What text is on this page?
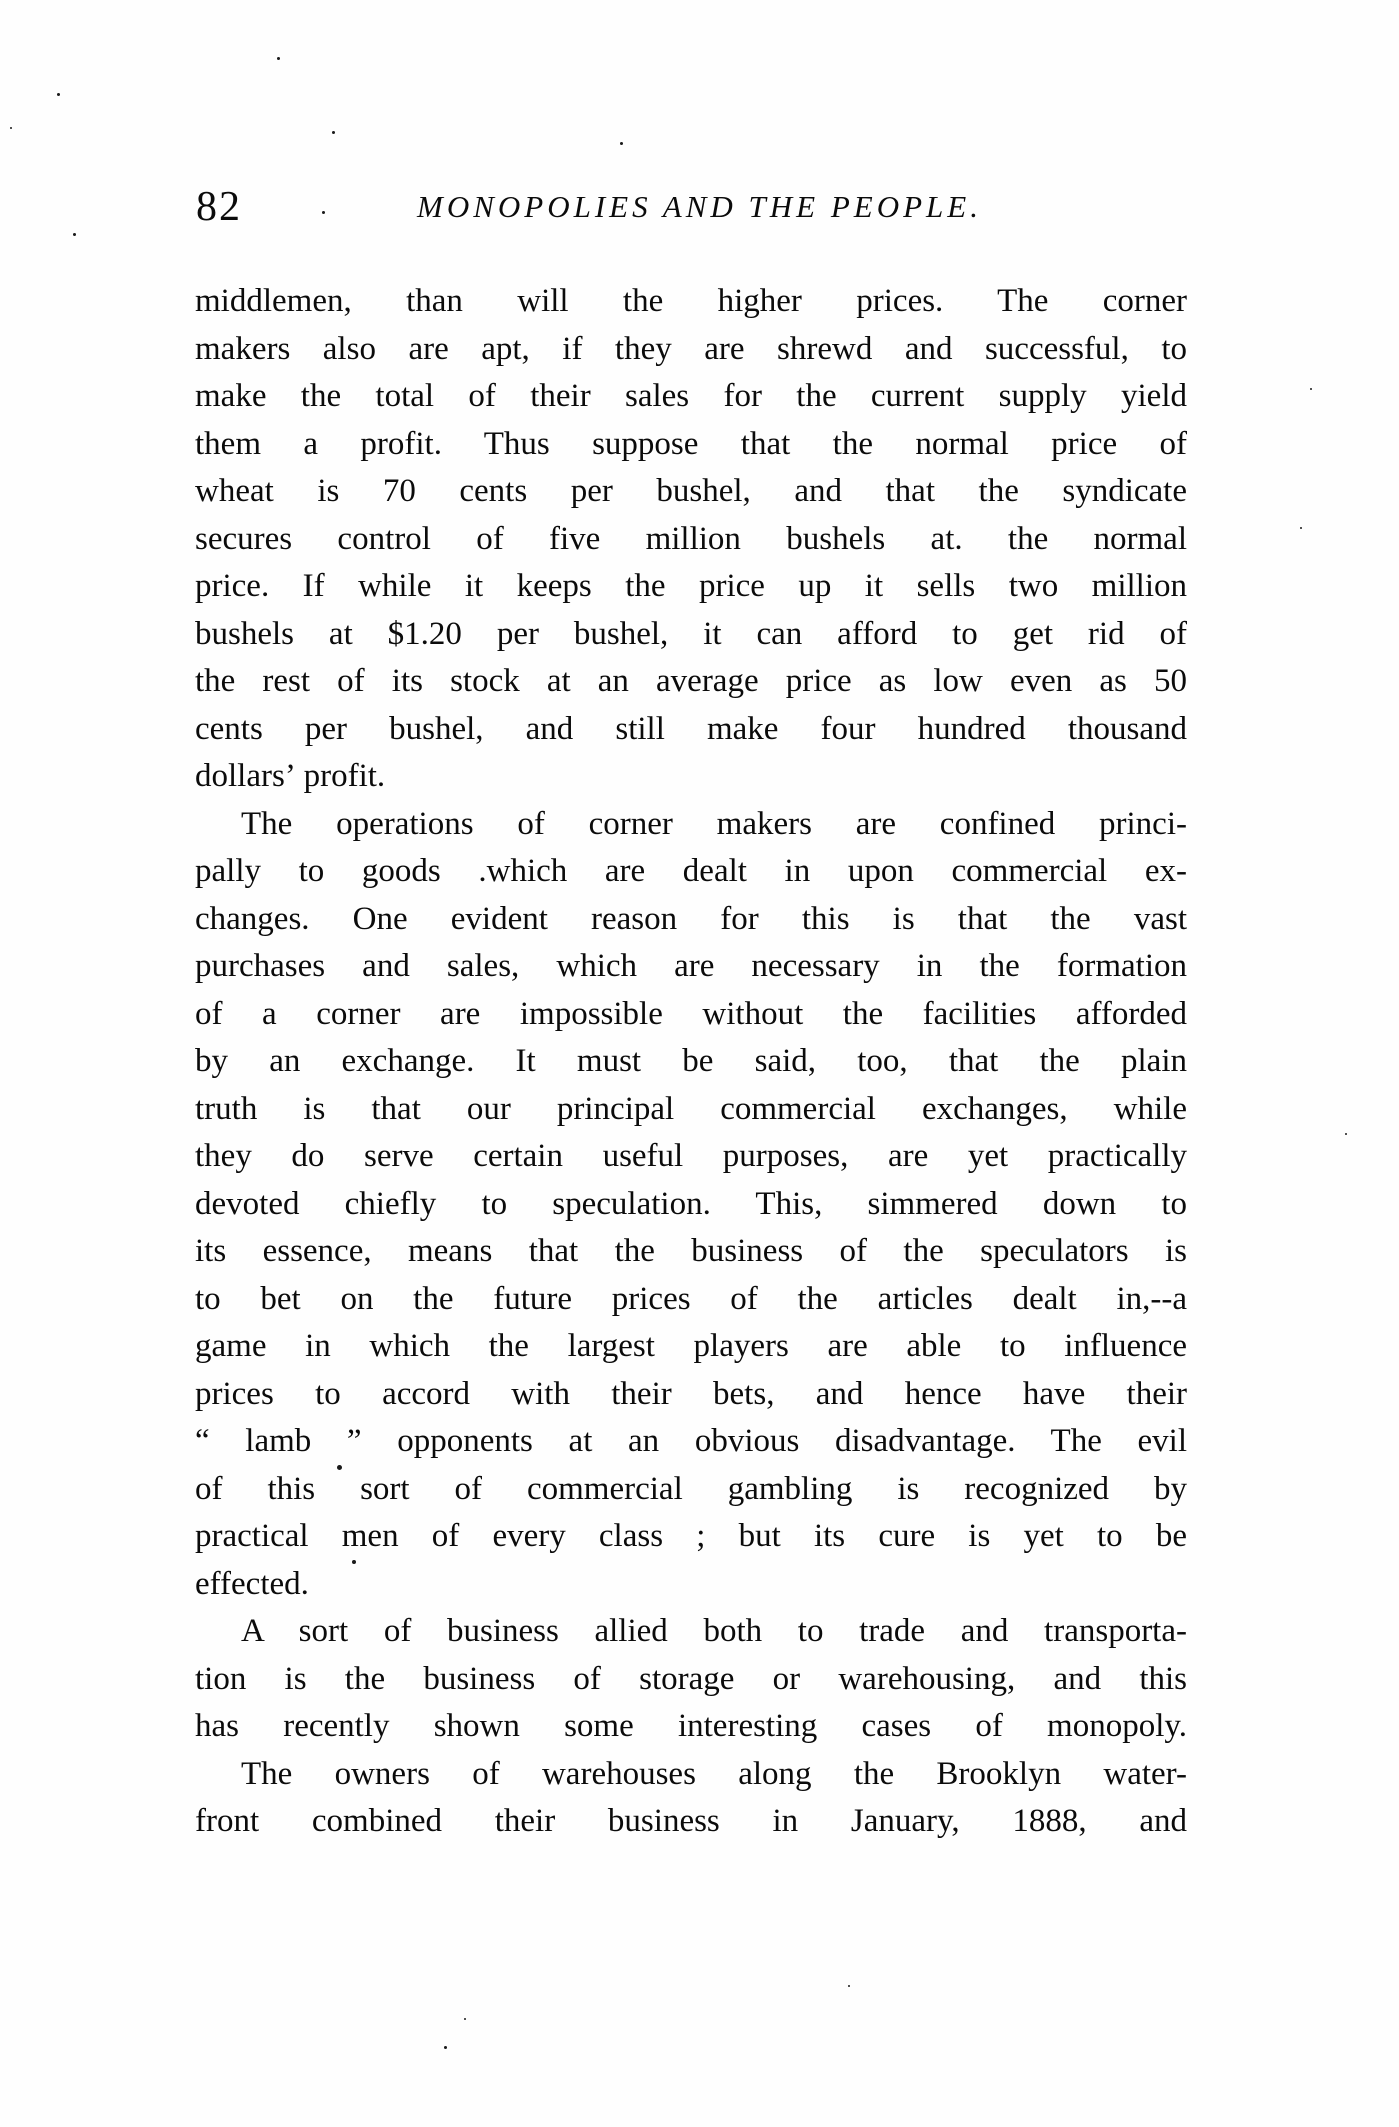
82	MONOPOLIES AND THE PEOPLE.
middlemen, than will the higher prices. The corner
makers also are apt, if they are shrewd and successful, to
make the total of their sales for the current supply yield
them a profit. Thus suppose that the normal price of
wheat is 70 cents per bushel, and that the syndicate
secures control of five million bushels at. the normal
price. If while it keeps the price up it sells two million
bushels at $1.20 per bushel, it can afford to get rid of
the rest of its stock at an average price as low even as 50
cents per bushel, and still make four hundred thousand
dollars’ profit.
The operations of corner makers are confined princi-
pally to goods .which are dealt in upon commercial ex-
changes. One evident reason for this is that the vast
purchases and sales, which are necessary in the formation
of a corner are impossible without the facilities afforded
by an exchange. It must be said, too, that the plain
truth is that our principal commercial exchanges, while
they do serve certain useful purposes, are yet practically
devoted chiefly to speculation. This, simmered down to
its essence, means that the business of the speculators is
to bet on the future prices of the articles dealt in,--a
game in which the largest players are able to influence
prices to accord with their bets, and hence have their
“ lamb ” opponents at an obvious disadvantage. The evil
of this sort of commercial gambling is recognized by
practical men of every class ; but its cure is yet to be
effected.
A sort of business allied both to trade and transporta-
tion is the business of storage or warehousing, and this
has recently shown some interesting cases of monopoly.
The owners of warehouses along the Brooklyn water-
front combined their business in January, 1888, and
